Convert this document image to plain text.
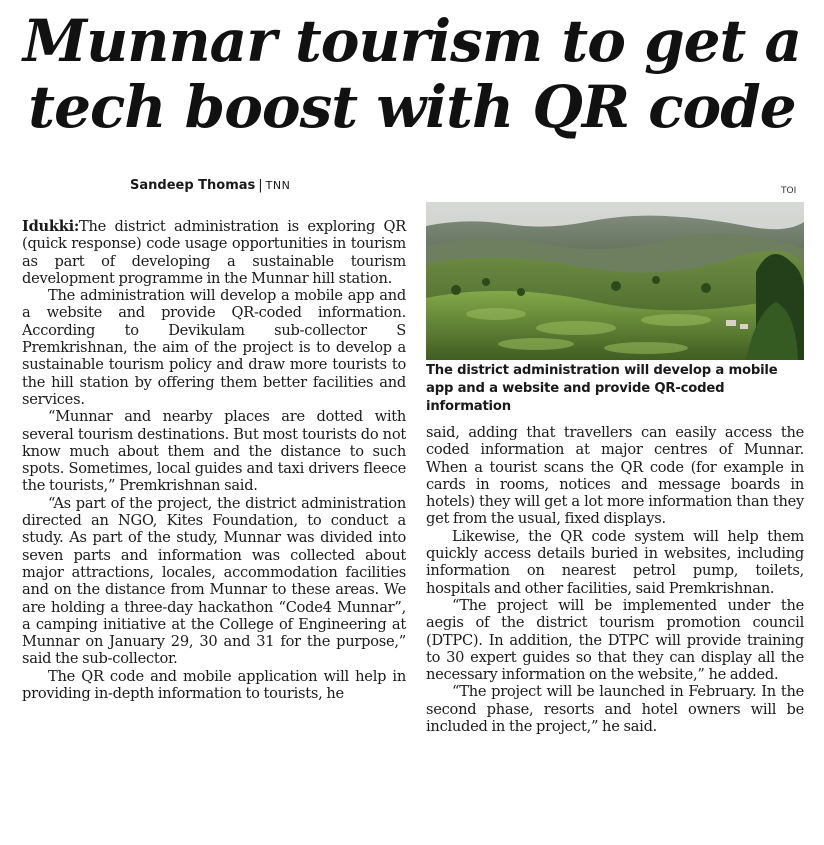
Munnar tourism to get a
tech boost with QR code
Sandeep Thomas | TNN	TOI

Idukki:The district administration is exploring QR (quick response) code usage opportunities in tourism as part of developing a sustainable tourism development programme in the Munnar hill station.

The administration will develop a mobile app and a website and provide QR-coded information. According to Devikulam sub-collector S Premkrishnan, the aim of the project is to develop a sustainable tourism policy and draw more tourists to the hill station by offering them better facilities and services.

“Munnar and nearby places are dotted with several tourism destinations. But most tourists do not know much about them and the distance to such spots. Sometimes, local guides and taxi drivers fleece the tourists,” Premkrishnan said.

“As part of the project, the district administration directed an NGO, Kites Foundation, to conduct a study. As part of the study, Munnar was divided into seven parts and information was collected about major attractions, locales, accommodation facilities and on the distance from Munnar to these areas. We are holding a three-day hackathon “Code4 Munnar”, a camping initiative at the College of Engineering at Munnar on January 29, 30 and 31 for the purpose,” said the sub-collector.

The QR code and mobile application will help in providing in-depth information to tourists, he

The district administration will develop a mobile app and a website and provide QR-coded information

said, adding that travellers can easily access the coded information at major centres of Munnar. When a tourist scans the QR code (for example in cards in rooms, notices and message boards in hotels) they will get a lot more information than they get from the usual, fixed displays.

Likewise, the QR code system will help them quickly access details buried in websites, including information on nearest petrol pump, toilets, hospitals and other facilities, said Premkrishnan.

“The project will be implemented under the aegis of the district tourism promotion council (DTPC). In addition, the DTPC will provide training to 30 expert guides so that they can display all the necessary information on the website,” he added.

“The project will be launched in February. In the second phase, resorts and hotel owners will be included in the project,” he said.
